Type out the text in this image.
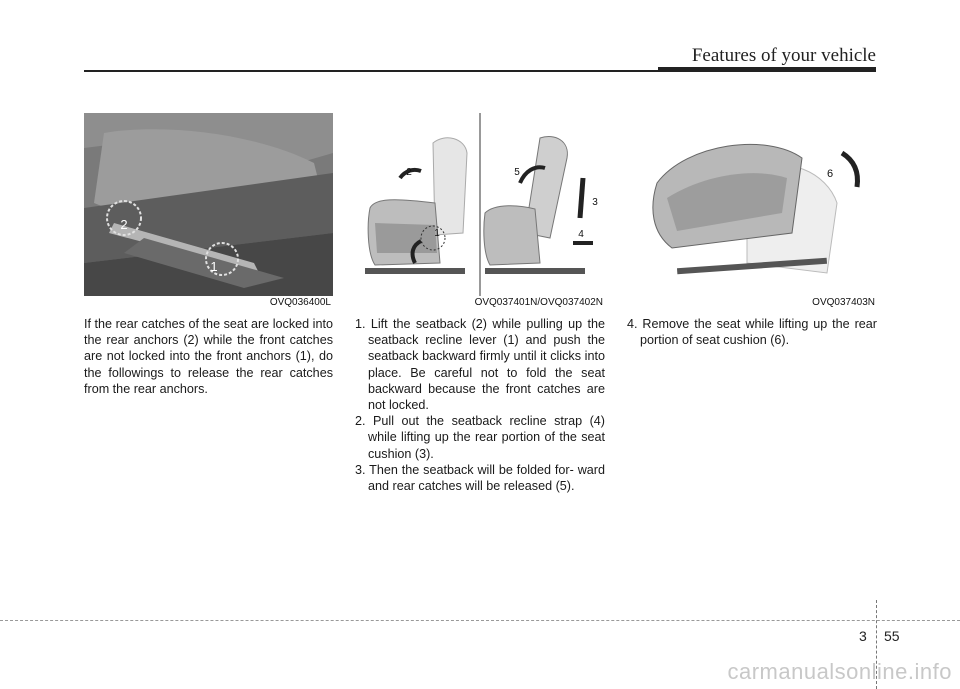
Features of your vehicle
2
1
OVQ036400L
2
1
5
3
4
OVQ037401N/OVQ037402N
6
OVQ037403N
If the rear catches of the seat are locked into the rear anchors (2) while the front catches are not locked into the front anchors (1), do the followings to release the rear catches from the rear anchors.

1. Lift the seatback (2) while pulling up the seatback recline lever (1) and push the seatback backward firmly until it clicks into place. Be careful not to fold the seat backward because the front catches are not locked.

2. Pull out the seatback recline strap (4) while lifting up the rear portion of the seat cushion (3).

3. Then the seatback will be folded for- ward and rear catches will be released (5).

4. Remove the seat while lifting up the rear portion of seat cushion (6).

3 55
carmanualsonline.info
